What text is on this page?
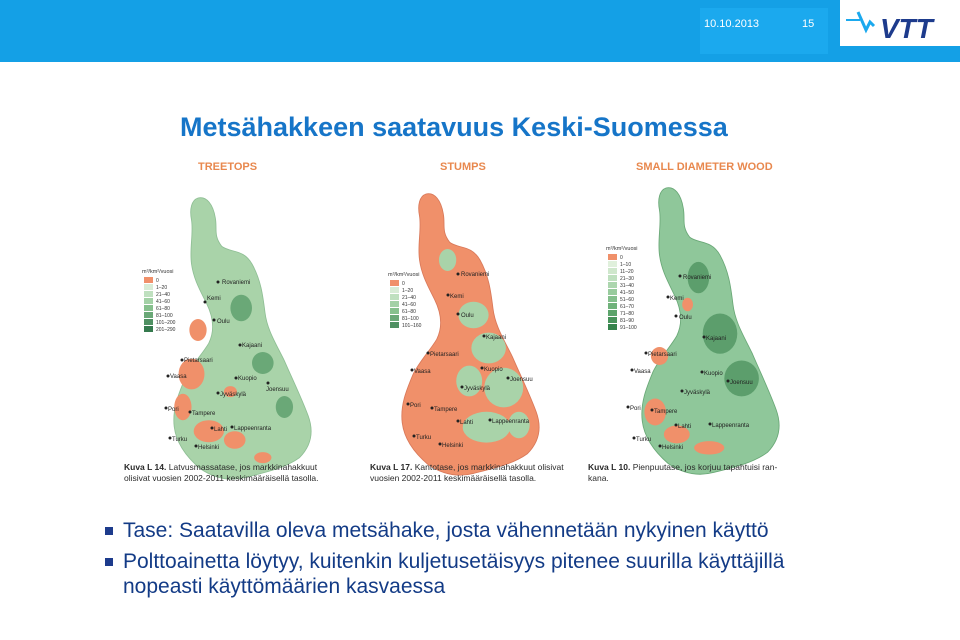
10.10.2013	15 VTT
Metsähakkeen saatavuus Keski-Suomessa
TREETOPS	STUMPS	SMALL DIAMETER WOOD
m³/km²/vuosi
0
1–20
21–40
41–60
61–80
81–100
101–200
201–290
m³/km²/vuosi
0
1–20
21–40
41–60
61–80
81–100
101–160
m³/km²/vuosi
0
1–10
11–20
21–30
31–40
41–50
51–60
61–70
71–80
81–90
91–100
Rovaniemi
Kemi
Oulu
Kajaani
Pietarsaari
Vaasa	Kuopio
Joensuu
Jyväskylä
Pori
Tampere
Lahti Lappeenranta
Turku
Helsinki
Rovaniemi
Kemi
Oulu
Kajaani
Pietarsaari
Vaasa	Kuopio
Joensuu
Jyväskylä
Pori
Tampere
Lahti	Lappeenranta
Turku
Helsinki
Rovaniemi
Kemi
Oulu
Kajaani
Pietarsaari
Vaasa	Kuopio
Joensuu
Jyväskylä
Pori Tampere
Lahti	Lappeenranta
Turku
Helsinki
Kuva L 14. Latvusmassatase, jos markkinahakkuut
olisivat vuosien 2002-2011 keskimääräisellä tasolla.
Kuva L 17. Kantotase, jos markkinahakkuut olisivat
vuosien 2002-2011 keskimääräisellä tasolla.
Kuva L 10. Pienpuutase, jos korjuu tapahtuisi ran-
kana.
Tase: Saatavilla oleva metsähake, josta vähennetään nykyinen käyttö
Polttoainetta löytyy, kuitenkin kuljetusetäisyys pitenee suurilla käyttäjillä nopeasti käyttömäärien kasvaessa
